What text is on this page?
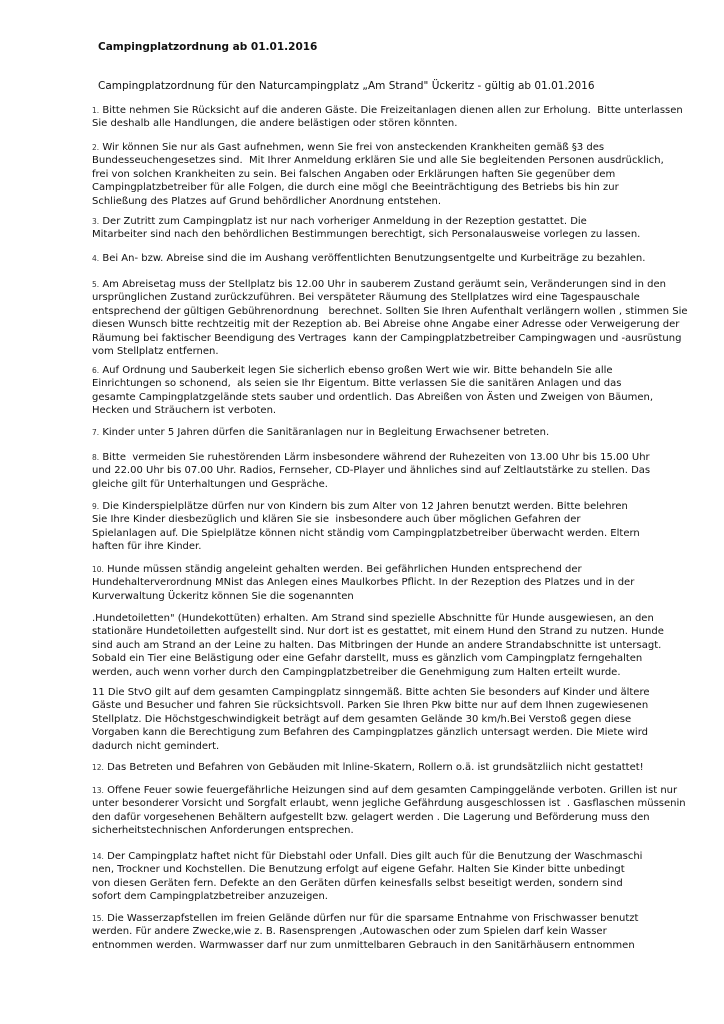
Campingplatzordnung ab 01.01.2016
Campingplatzordnung für den Naturcampingplatz „Am Strand" Ückeritz - gültig ab 01.01.2016
1. Bitte nehmen Sie Rücksicht auf die anderen Gäste. Die Freizeitanlagen dienen allen zur Erholung.  Bitte unterlassen
Sie deshalb alle Handlungen, die andere belästigen oder stören könnten.
2. Wir können Sie nur als Gast aufnehmen, wenn Sie frei von ansteckenden Krankheiten gemäß §3 des
Bundesseuchengesetzes sind.  Mit Ihrer Anmeldung erklären Sie und alle Sie begleitenden Personen ausdrücklich,
frei von solchen Krankheiten zu sein. Bei falschen Angaben oder Erklärungen haften Sie gegenüber dem
Campingplatzbetreiber für alle Folgen, die durch eine mögl che Beeinträchtigung des Betriebs bis hin zur
Schließung des Platzes auf Grund behördlicher Anordnung entstehen.
3. Der Zutritt zum Campingplatz ist nur nach vorheriger Anmeldung in der Rezeption gestattet. Die
Mitarbeiter sind nach den behördlichen Bestimmungen berechtigt, sich Personalausweise vorlegen zu lassen.
4. Bei An- bzw. Abreise sind die im Aushang veröffentlichten Benutzungsentgelte und Kurbeiträge zu bezahlen.
5. Am Abreisetag muss der Stellplatz bis 12.00 Uhr in sauberem Zustand geräumt sein, Veränderungen sind in den
ursprünglichen Zustand zurückzuführen. Bei verspäteter Räumung des Stellplatzes wird eine Tagespauschale
entsprechend der gültigen Gebührenordnung   berechnet. Sollten Sie Ihren Aufenthalt verlängern wollen , stimmen Sie
diesen Wunsch bitte rechtzeitig mit der Rezeption ab. Bei Abreise ohne Angabe einer Adresse oder Verweigerung der
Räumung bei faktischer Beendigung des Vertrages  kann der Campingplatzbetreiber Campingwagen und -ausrüstung
vom Stellplatz entfernen.
6. Auf Ordnung und Sauberkeit legen Sie sicherlich ebenso großen Wert wie wir. Bitte behandeln Sie alle
Einrichtungen so schonend,  als seien sie Ihr Eigentum. Bitte verlassen Sie die sanitären Anlagen und das
gesamte Campingplatzgelände stets sauber und ordentlich. Das Abreißen von Ästen und Zweigen von Bäumen,
Hecken und Sträuchern ist verboten.
7. Kinder unter 5 Jahren dürfen die Sanitäranlagen nur in Begleitung Erwachsener betreten.
8. Bitte  vermeiden Sie ruhestörenden Lärm insbesondere während der Ruhezeiten von 13.00 Uhr bis 15.00 Uhr
und 22.00 Uhr bis 07.00 Uhr. Radios, Fernseher, CD-Player und ähnliches sind auf Zeltlautstärke zu stellen. Das
gleiche gilt für Unterhaltungen und Gespräche.
9. Die Kinderspielplätze dürfen nur von Kindern bis zum Alter von 12 Jahren benutzt werden. Bitte belehren
Sie Ihre Kinder diesbezüglich und klären Sie sie  insbesondere auch über möglichen Gefahren der
Spielanlagen auf. Die Spielplätze können nicht ständig vom Campingplatzbetreiber überwacht werden. Eltern
haften für ihre Kinder.
10. Hunde müssen ständig angeleint gehalten werden. Bei gefährlichen Hunden entsprechend der
Hundehalterverordnung MNist das Anlegen eines Maulkorbes Pflicht. In der Rezeption des Platzes und in der
Kurverwaltung Ückeritz können Sie die sogenannten
.Hundetoiletten" (Hundekottüten) erhalten. Am Strand sind spezielle Abschnitte für Hunde ausgewiesen, an den
stationäre Hundetoiletten aufgestellt sind. Nur dort ist es gestattet, mit einem Hund den Strand zu nutzen. Hunde
sind auch am Strand an der Leine zu halten. Das Mitbringen der Hunde an andere Strandabschnitte ist untersagt.
Sobald ein Tier eine Belästigung oder eine Gefahr darstellt, muss es gänzlich vom Campingplatz ferngehalten
werden, auch wenn vorher durch den Campingplatzbetreiber die Genehmigung zum Halten erteilt wurde.
11 Die StvO gilt auf dem gesamten Campingplatz sinngemäß. Bitte achten Sie besonders auf Kinder und ältere
Gäste und Besucher und fahren Sie rücksichtsvoll. Parken Sie Ihren Pkw bitte nur auf dem Ihnen zugewiesenen
Stellplatz. Die Höchstgeschwindigkeit beträgt auf dem gesamten Gelände 30 km/h.Bei Verstoß gegen diese
Vorgaben kann die Berechtigung zum Befahren des Campingplatzes gänzlich untersagt werden. Die Miete wird
dadurch nicht gemindert.
12. Das Betreten und Befahren von Gebäuden mit lnline-Skatern, Rollern o.ä. ist grundsätzliich nicht gestattet!
13. Offene Feuer sowie feuergefährliche Heizungen sind auf dem gesamten Campinggelände verboten. Grillen ist nur
unter besonderer Vorsicht und Sorgfalt erlaubt, wenn jegliche Gefährdung ausgeschlossen ist  . Gasflaschen müssenin
den dafür vorgesehenen Behältern aufgestellt bzw. gelagert werden . Die Lagerung und Beförderung muss den
sicherheitstechnischen Anforderungen entsprechen.
14. Der Campingplatz haftet nicht für Diebstahl oder Unfall. Dies gilt auch für die Benutzung der Waschmaschi
nen, Trockner und Kochstellen. Die Benutzung erfolgt auf eigene Gefahr. Halten Sie Kinder bitte unbedingt
von diesen Geräten fern. Defekte an den Geräten dürfen keinesfalls selbst beseitigt werden, sondern sind
sofort dem Campingplatzbetreiber anzuzeigen.
15. Die Wasserzapfstellen im freien Gelände dürfen nur für die sparsame Entnahme von Frischwasser benutzt
werden. Für andere Zwecke,wie z. B. Rasensprengen ,Autowaschen oder zum Spielen darf kein Wasser
entnommen werden. Warmwasser darf nur zum unmittelbaren Gebrauch in den Sanitärhäusern entnommen
